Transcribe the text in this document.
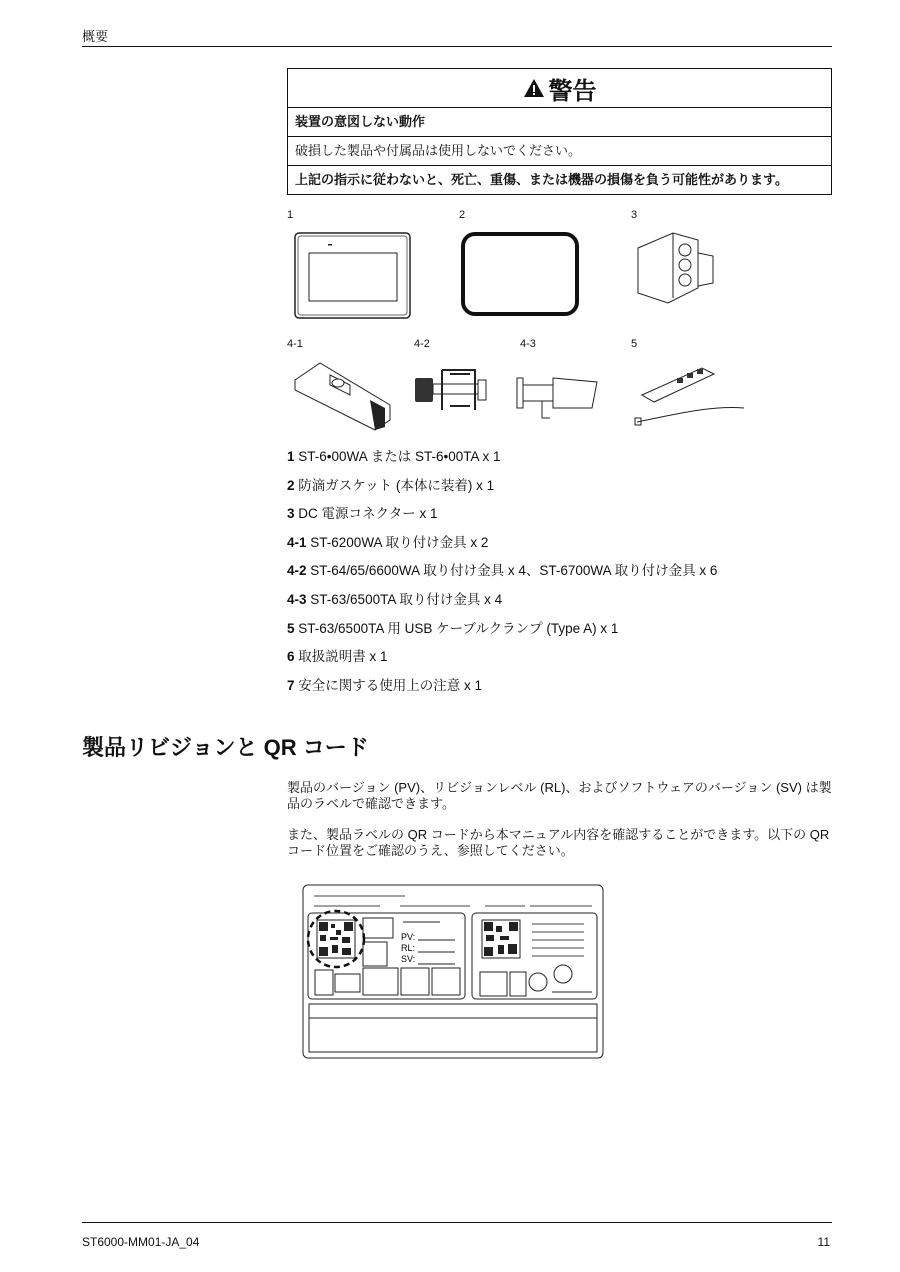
概要
警告
装置の意図しない動作
破損した製品や付属品は使用しないでください。
上記の指示に従わないと、死亡、重傷、または機器の損傷を負う可能性があります。
1	2	3
4-1	4-2	4-3	5
1 ST-6•00WA または ST-6•00TA x 1
2 防滴ガスケット (本体に装着) x 1
3 DC 電源コネクター x 1
4-1 ST-6200WA 取り付け金具 x 2
4-2 ST-64/65/6600WA 取り付け金具 x 4、ST-6700WA 取り付け金具 x 6
4-3 ST-63/6500TA 取り付け金具 x 4
5 ST-63/6500TA 用 USB ケーブルクランプ (Type A) x 1
6 取扱説明書 x 1
7 安全に関する使用上の注意 x 1
製品リビジョンと QR コード
製品のバージョン (PV)、リビジョンレベル (RL)、およびソフトウェアのバージョン (SV) は製品のラベルで確認できます。
また、製品ラベルの QR コードから本マニュアル内容を確認することができます。以下の QR コード位置をご確認のうえ、参照してください。
PV:
RL:
SV:
ST6000-MM01-JA_04	11
